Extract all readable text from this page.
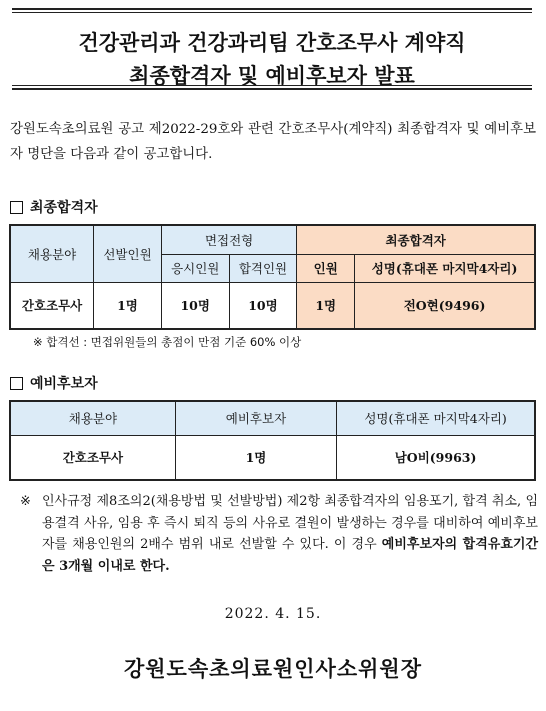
건강관리과 건강과리팀 간호조무사 계약직
최종합격자 및 예비후보자 발표
강원도속초의료원 공고 제2022-29호와 관련 간호조무사(계약직) 최종합격자 및 예비후보자 명단을 다음과 같이 공고합니다.
최종합격자
채용분야	선발인원	면접전형		최종합격자	
		응시인원	합격인원	인원	성명(휴대폰 마지막4자리)
간호조무사	1명	10명	10명	1명	전O현(9496)
※ 합격선 : 면접위원들의 총점이 만점 기준 60% 이상
예비후보자
채용분야	예비후보자	성명(휴대폰 마지막4자리)
간호조무사	1명	남O비(9963)
※ 인사규정 제8조의2(채용방법 및 선발방법) 제2항 최종합격자의 임용포기, 합격 취소, 임용결격 사유, 임용 후 즉시 퇴직 등의 사유로 결원이 발생하는 경우를 대비하여 예비후보자를 채용인원의 2배수 범위 내로 선발할 수 있다. 이 경우 예비후보자의 합격유효기간은 3개월 이내로 한다.
2022. 4. 15.
강원도속초의료원인사소위원장
